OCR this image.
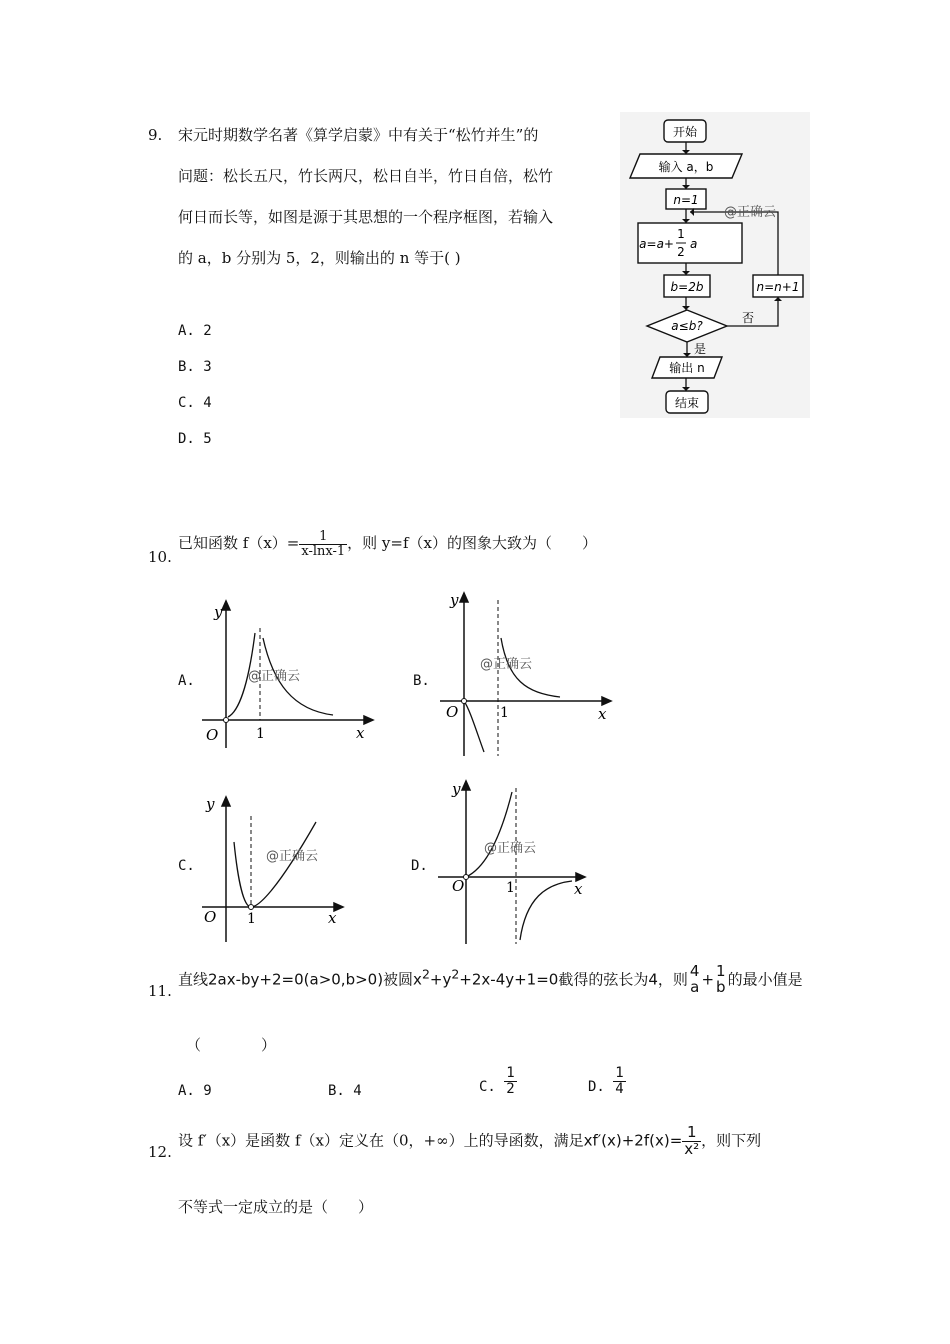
9. 宋元时期数学名著《算学启蒙》中有关于“松竹并生”的
问题：松长五尺，竹长两尺，松日自半，竹日自倍，松竹
何日而长等，如图是源于其思想的一个程序框图，若输入
的 a，b 分别为 5，2，则输出的 n 等于( )
A. 2
B. 3
C. 4
D. 5
开始
输入 a，b
n=1
a=a+
1
2
a
b=2b
a≤b?
是
否
n=n+1
输出 n
结束
@正确云
10.
已知函数 $f(x)= \frac{1}{x-\ln x-1}$ ，则 y=f（x）的图象大致为（　　）
A.	B.
C.	D.
y
x
O	1
@正确云
y
x
O	1
@正确云
y
x
O 1
@正确云
y
x
O	1
@正确云
11.
直线2ax-by+2=0(a>0,b>0)被圆$x^2+y^2+2x-4y+1=0$截得的弦长为4，则 4
a + 1
b 的最小值是
（　　　　）
A. 9	B. 4	C. $\frac{1}{2}$	D. $\frac{1}{4}$
12.
设 f′（x）是函数 f（x）定义在（0，+∞）上的导函数，满足$xf'(x)+2f(x)= \frac{1}{\text{x²}}$ ，则下列
不等式一定成立的是（　　）
